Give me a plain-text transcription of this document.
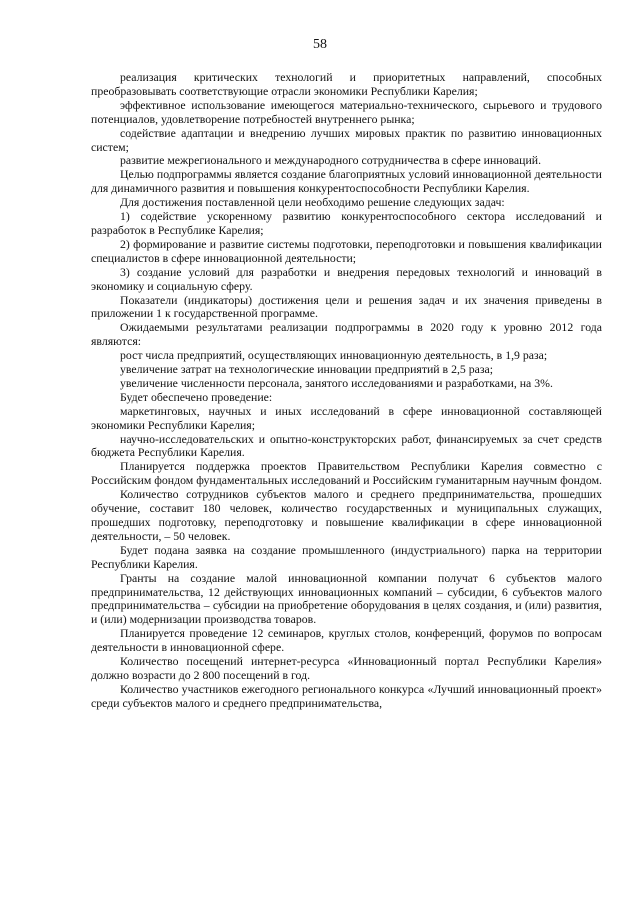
58

реализация критических технологий и приоритетных направлений, способных преобразовывать соответствующие отрасли экономики Республики Карелия;

эффективное использование имеющегося материально-технического, сырьевого и трудового потенциалов, удовлетворение потребностей внутреннего рынка;

содействие адаптации и внедрению лучших мировых практик по развитию инновационных систем;

развитие межрегионального и международного сотрудничества в сфере инноваций.

Целью подпрограммы является создание благоприятных условий инновационной деятельности для динамичного развития и повышения конкурентоспособности Республики Карелия.

Для достижения поставленной цели необходимо решение следующих задач:

1) содействие ускоренному развитию конкурентоспособного сектора исследований и разработок в Республике Карелия;

2) формирование и развитие системы подготовки, переподготовки и повышения квалификации специалистов в сфере инновационной деятельности;

3) создание условий для разработки и внедрения передовых технологий и инноваций в экономику и социальную сферу.

Показатели (индикаторы) достижения цели и решения задач и их значения приведены в приложении 1 к государственной программе.

Ожидаемыми результатами реализации подпрограммы в 2020 году к уровню 2012 года являются:

рост числа предприятий, осуществляющих инновационную деятельность, в 1,9 раза;

увеличение затрат на технологические инновации предприятий в 2,5 раза;

увеличение численности персонала, занятого исследованиями и разработками, на 3%.

Будет обеспечено проведение:

маркетинговых, научных и иных исследований в сфере инновационной составляющей экономики Республики Карелия;

научно-исследовательских и опытно-конструкторских работ, финансируемых за счет средств бюджета Республики Карелия.

Планируется поддержка проектов Правительством Республики Карелия совместно с Российским фондом фундаментальных исследований и Российским гуманитарным научным фондом.

Количество сотрудников субъектов малого и среднего предпринимательства, прошедших обучение, составит 180 человек, количество государственных и муниципальных служащих, прошедших подготовку, переподготовку и повышение квалификации в сфере инновационной деятельности, – 50 человек.

Будет подана заявка на создание промышленного (индустриального) парка на территории Республики Карелия.

Гранты на создание малой инновационной компании получат 6 субъектов малого предпринимательства, 12 действующих инновационных компаний – субсидии, 6 субъектов малого предпринимательства – субсидии на приобретение оборудования в целях создания, и (или) развития, и (или) модернизации производства товаров.

Планируется проведение 12 семинаров, круглых столов, конференций, форумов по вопросам деятельности в инновационной сфере.

Количество посещений интернет-ресурса «Инновационный портал Республики Карелия» должно возрасти до 2 800 посещений в год.

Количество участников ежегодного регионального конкурса «Лучший инновационный проект» среди субъектов малого и среднего предпринимательства,
